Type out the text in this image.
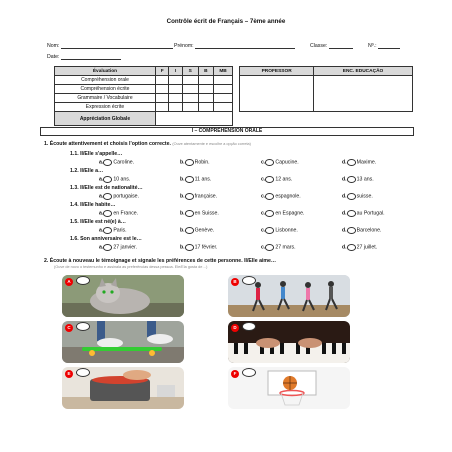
Contrôle écrit de Français – 7ème année
Nom:	Prénom:	Classe:	Nº.:
Date:
Évaluation	F	I	S	B	MB		PROFESSOR	ENC. EDUCAÇÃO
Compréhension orale								
Compréhension écrite								
Grammaire / Vocabulaire								
Expression écrite								
Appréciation Globale								
I – COMPRÉHENSION ORALE
1. Écoute attentivement et choisis l'option correcte. (Ouve atentamente e escolhe a opção correta)
1.1. Il/Elle s'appelle…
a. Caroline.	b. Robin.	c. Capucine.	d. Maxime.
1.2. Il/Elle a…
a. 10 ans.	b. 11 ans.	c. 12 ans.	d. 13 ans.
1.3. Il/Elle est de nationalité…
a. portugaise.	b. française.	c. espagnole.	d. suisse.
1.4. Il/Elle habite…
a. en France.	b. en Suisse.	c. en Espagne.	d. au Portugal.
1.5. Il/Elle est né(e) à…
a. Paris.	b. Genève.	c. Lisbonne.	d. Barcelone.
1.6. Son anniversaire est le…
a. 27 janvier.	b. 17 février.	c. 27 mars.	d. 27 juillet.
2. Écoute à nouveau le témoignage et signale les préférences de cette personne. Il/Elle aime…
(Ouve de novo o testemunho e assinala as preferências dessa pessoa. Ele/Ela gosta de…)
A	B
C	D
E	F
